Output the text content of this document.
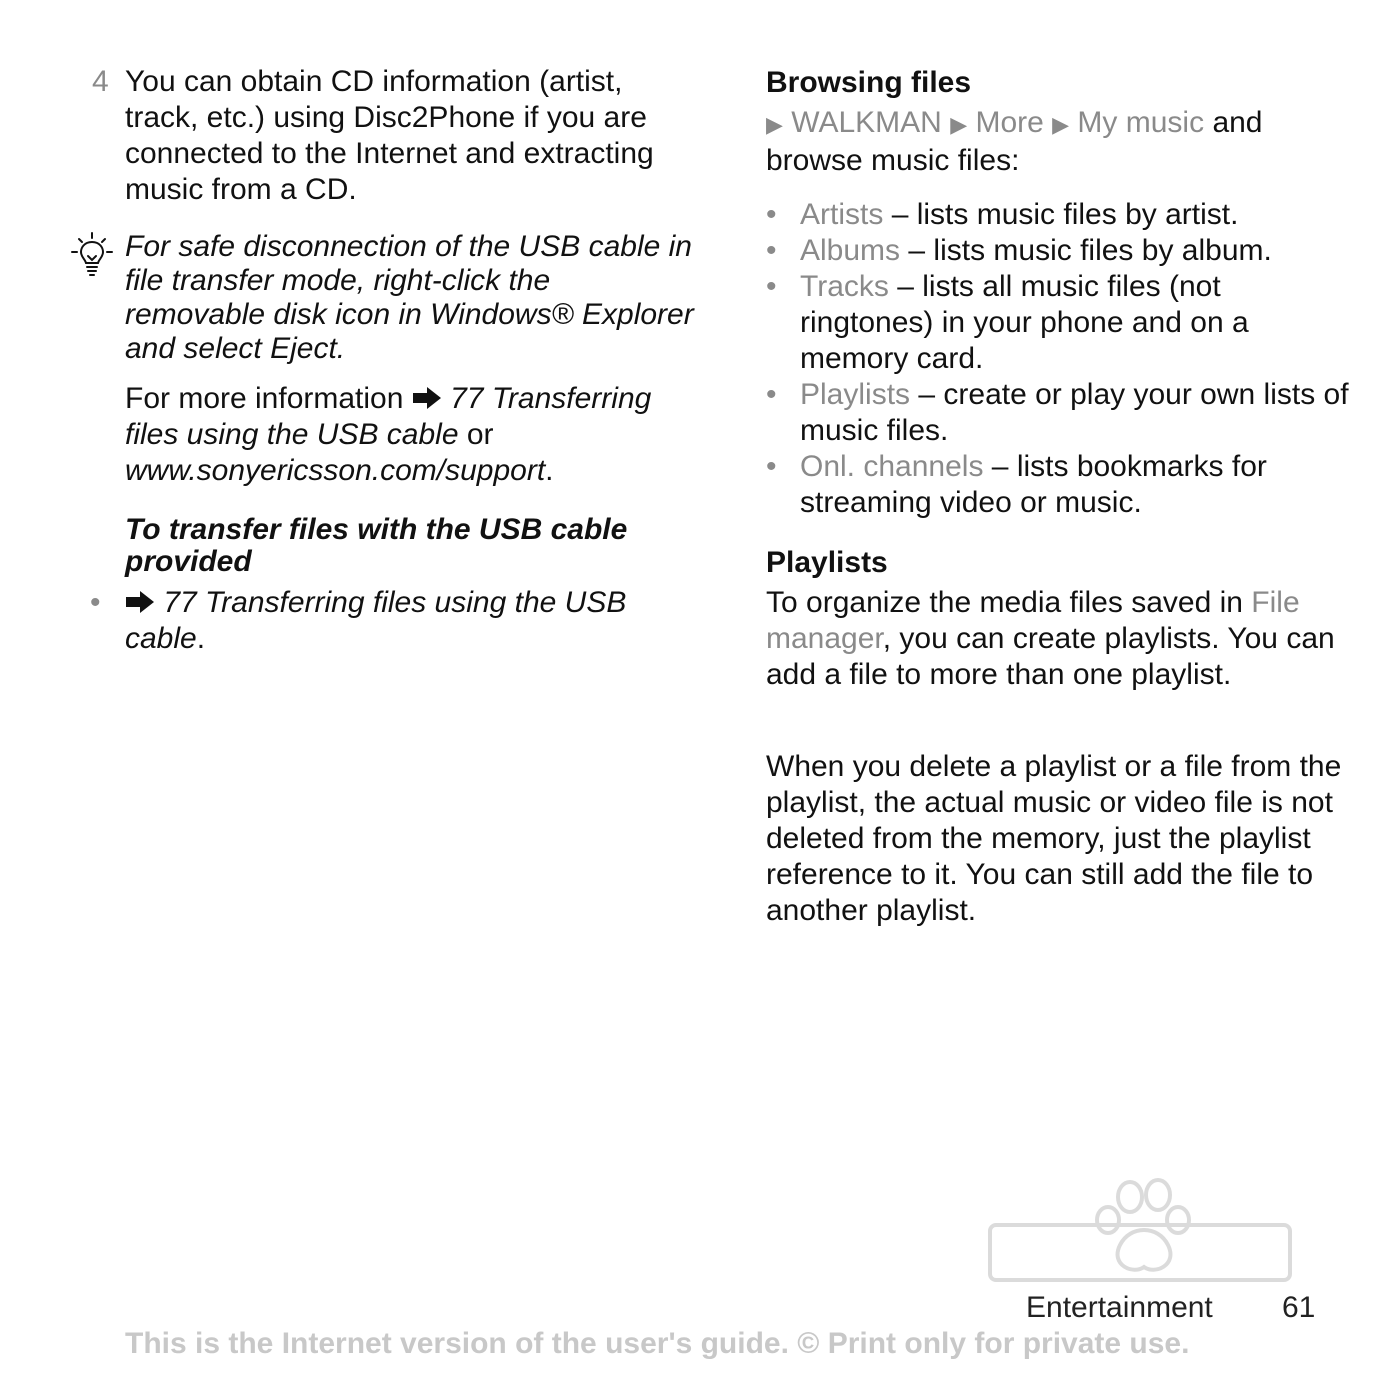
4 You can obtain CD information (artist, track, etc.) using Disc2Phone if you are connected to the Internet and extracting music from a CD.
For safe disconnection of the USB cable in file transfer mode, right-click the removable disk icon in Windows® Explorer and select Eject.
For more information 77 Transferring files using the USB cable or www.sonyericsson.com/support.
To transfer files with the USB cable provided
•	77 Transferring files using the USB cable.
Browsing files
▶ WALKMAN ▶ More ▶ My music and browse music files:
• Artists – lists music files by artist.
• Albums – lists music files by album.
• Tracks – lists all music files (not ringtones) in your phone and on a memory card.
• Playlists – create or play your own lists of music files.
• Onl. channels – lists bookmarks for streaming video or music.
Playlists
To organize the media files saved in File manager, you can create playlists. You can add a file to more than one playlist.
When you delete a playlist or a file from the playlist, the actual music or video file is not deleted from the memory, just the playlist reference to it. You can still add the file to another playlist.
Entertainment 61
This is the Internet version of the user's guide. © Print only for private use.
